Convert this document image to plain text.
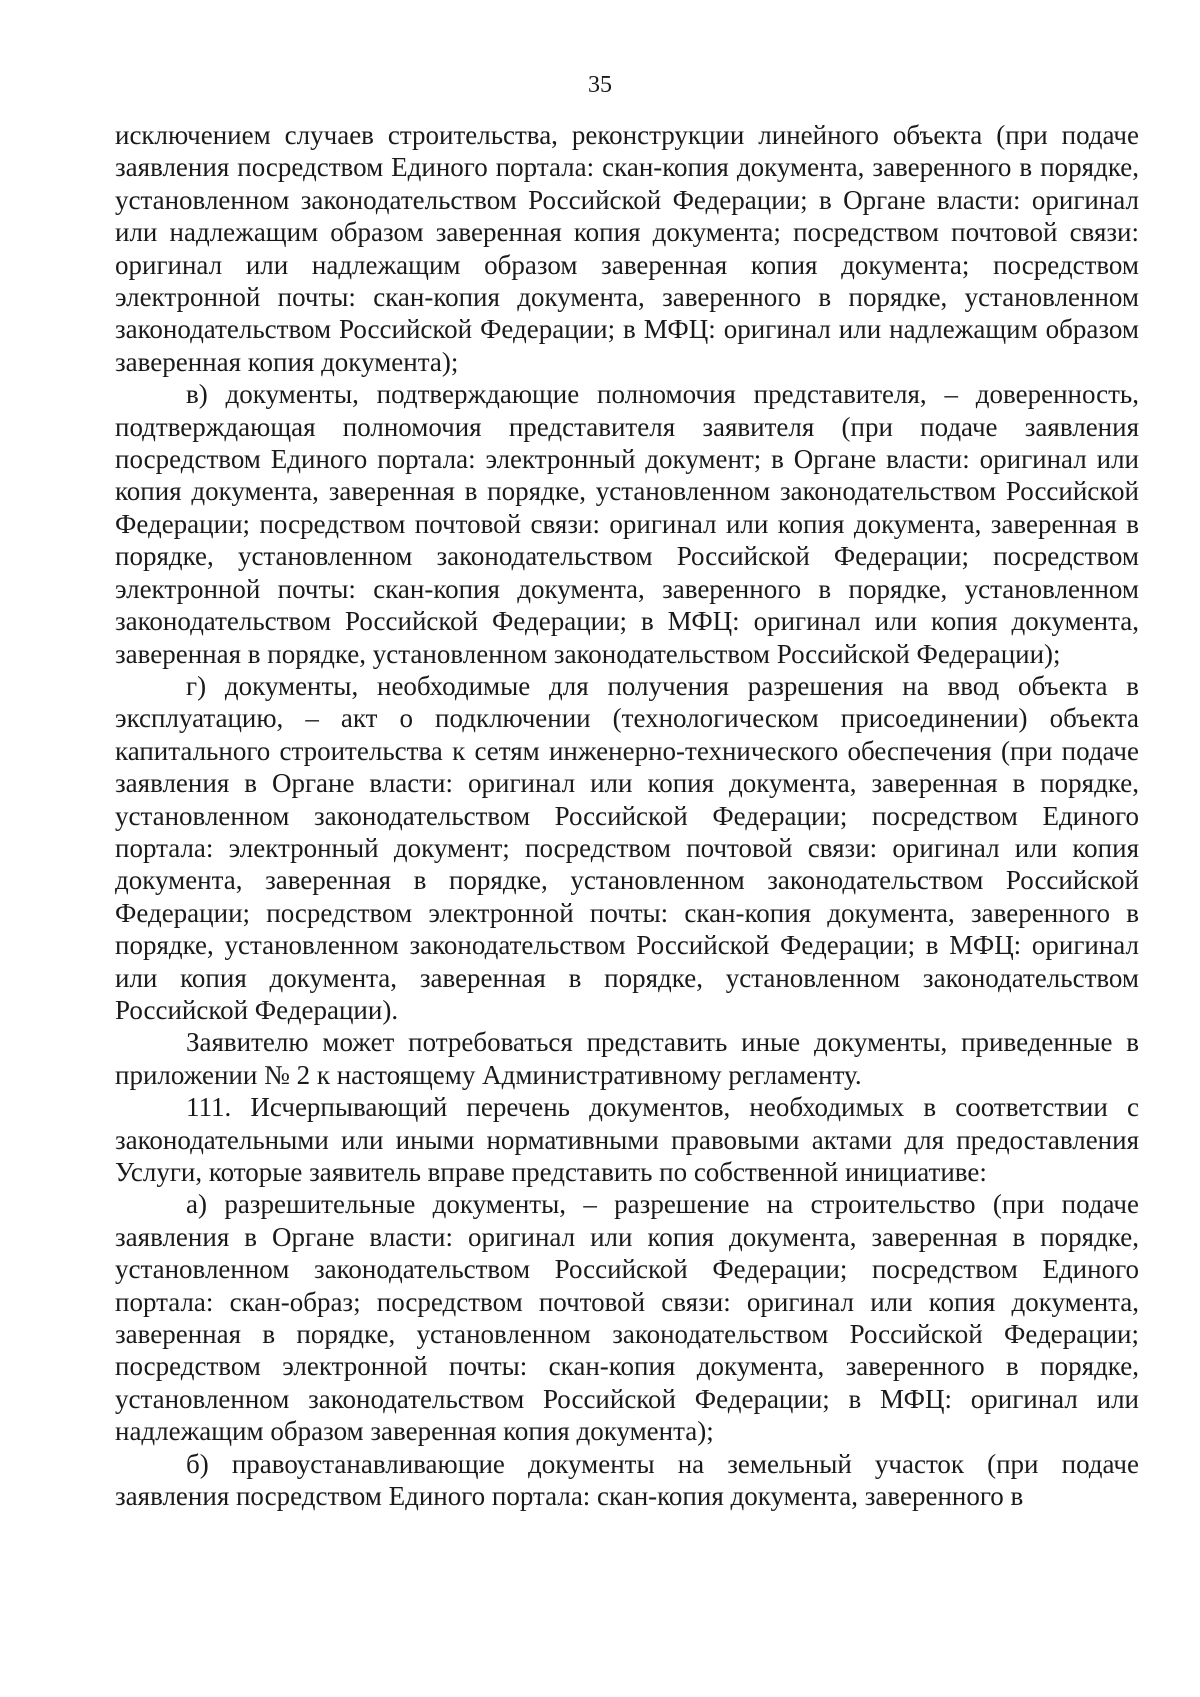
35

исключением случаев строительства, реконструкции линейного объекта (при подаче заявления посредством Единого портала: скан-копия документа, заверенного в порядке, установленном законодательством Российской Федерации; в Органе власти: оригинал или надлежащим образом заверенная копия документа; посредством почтовой связи: оригинал или надлежащим образом заверенная копия документа; посредством электронной почты: скан-копия документа, заверенного в порядке, установленном законодательством Российской Федерации; в МФЦ: оригинал или надлежащим образом заверенная копия документа);

в) документы, подтверждающие полномочия представителя, – доверенность, подтверждающая полномочия представителя заявителя (при подаче заявления посредством Единого портала: электронный документ; в Органе власти: оригинал или копия документа, заверенная в порядке, установленном законодательством Российской Федерации; посредством почтовой связи: оригинал или копия документа, заверенная в порядке, установленном законодательством Российской Федерации; посредством электронной почты: скан-копия документа, заверенного в порядке, установленном законодательством Российской Федерации; в МФЦ: оригинал или копия документа, заверенная в порядке, установленном законодательством Российской Федерации);

г) документы, необходимые для получения разрешения на ввод объекта в эксплуатацию, – акт о подключении (технологическом присоединении) объекта капитального строительства к сетям инженерно-технического обеспечения (при подаче заявления в Органе власти: оригинал или копия документа, заверенная в порядке, установленном законодательством Российской Федерации; посредством Единого портала: электронный документ; посредством почтовой связи: оригинал или копия документа, заверенная в порядке, установленном законодательством Российской Федерации; посредством электронной почты: скан-копия документа, заверенного в порядке, установленном законодательством Российской Федерации; в МФЦ: оригинал или копия документа, заверенная в порядке, установленном законодательством Российской Федерации).

Заявителю может потребоваться представить иные документы, приведенные в приложении № 2 к настоящему Административному регламенту.

111. Исчерпывающий перечень документов, необходимых в соответствии с законодательными или иными нормативными правовыми актами для предоставления Услуги, которые заявитель вправе представить по собственной инициативе:

а) разрешительные документы, – разрешение на строительство (при подаче заявления в Органе власти: оригинал или копия документа, заверенная в порядке, установленном законодательством Российской Федерации; посредством Единого портала: скан-образ; посредством почтовой связи: оригинал или копия документа, заверенная в порядке, установленном законодательством Российской Федерации; посредством электронной почты: скан-копия документа, заверенного в порядке, установленном законодательством Российской Федерации; в МФЦ: оригинал или надлежащим образом заверенная копия документа);

б) правоустанавливающие документы на земельный участок (при подаче заявления посредством Единого портала: скан-копия документа, заверенного в
